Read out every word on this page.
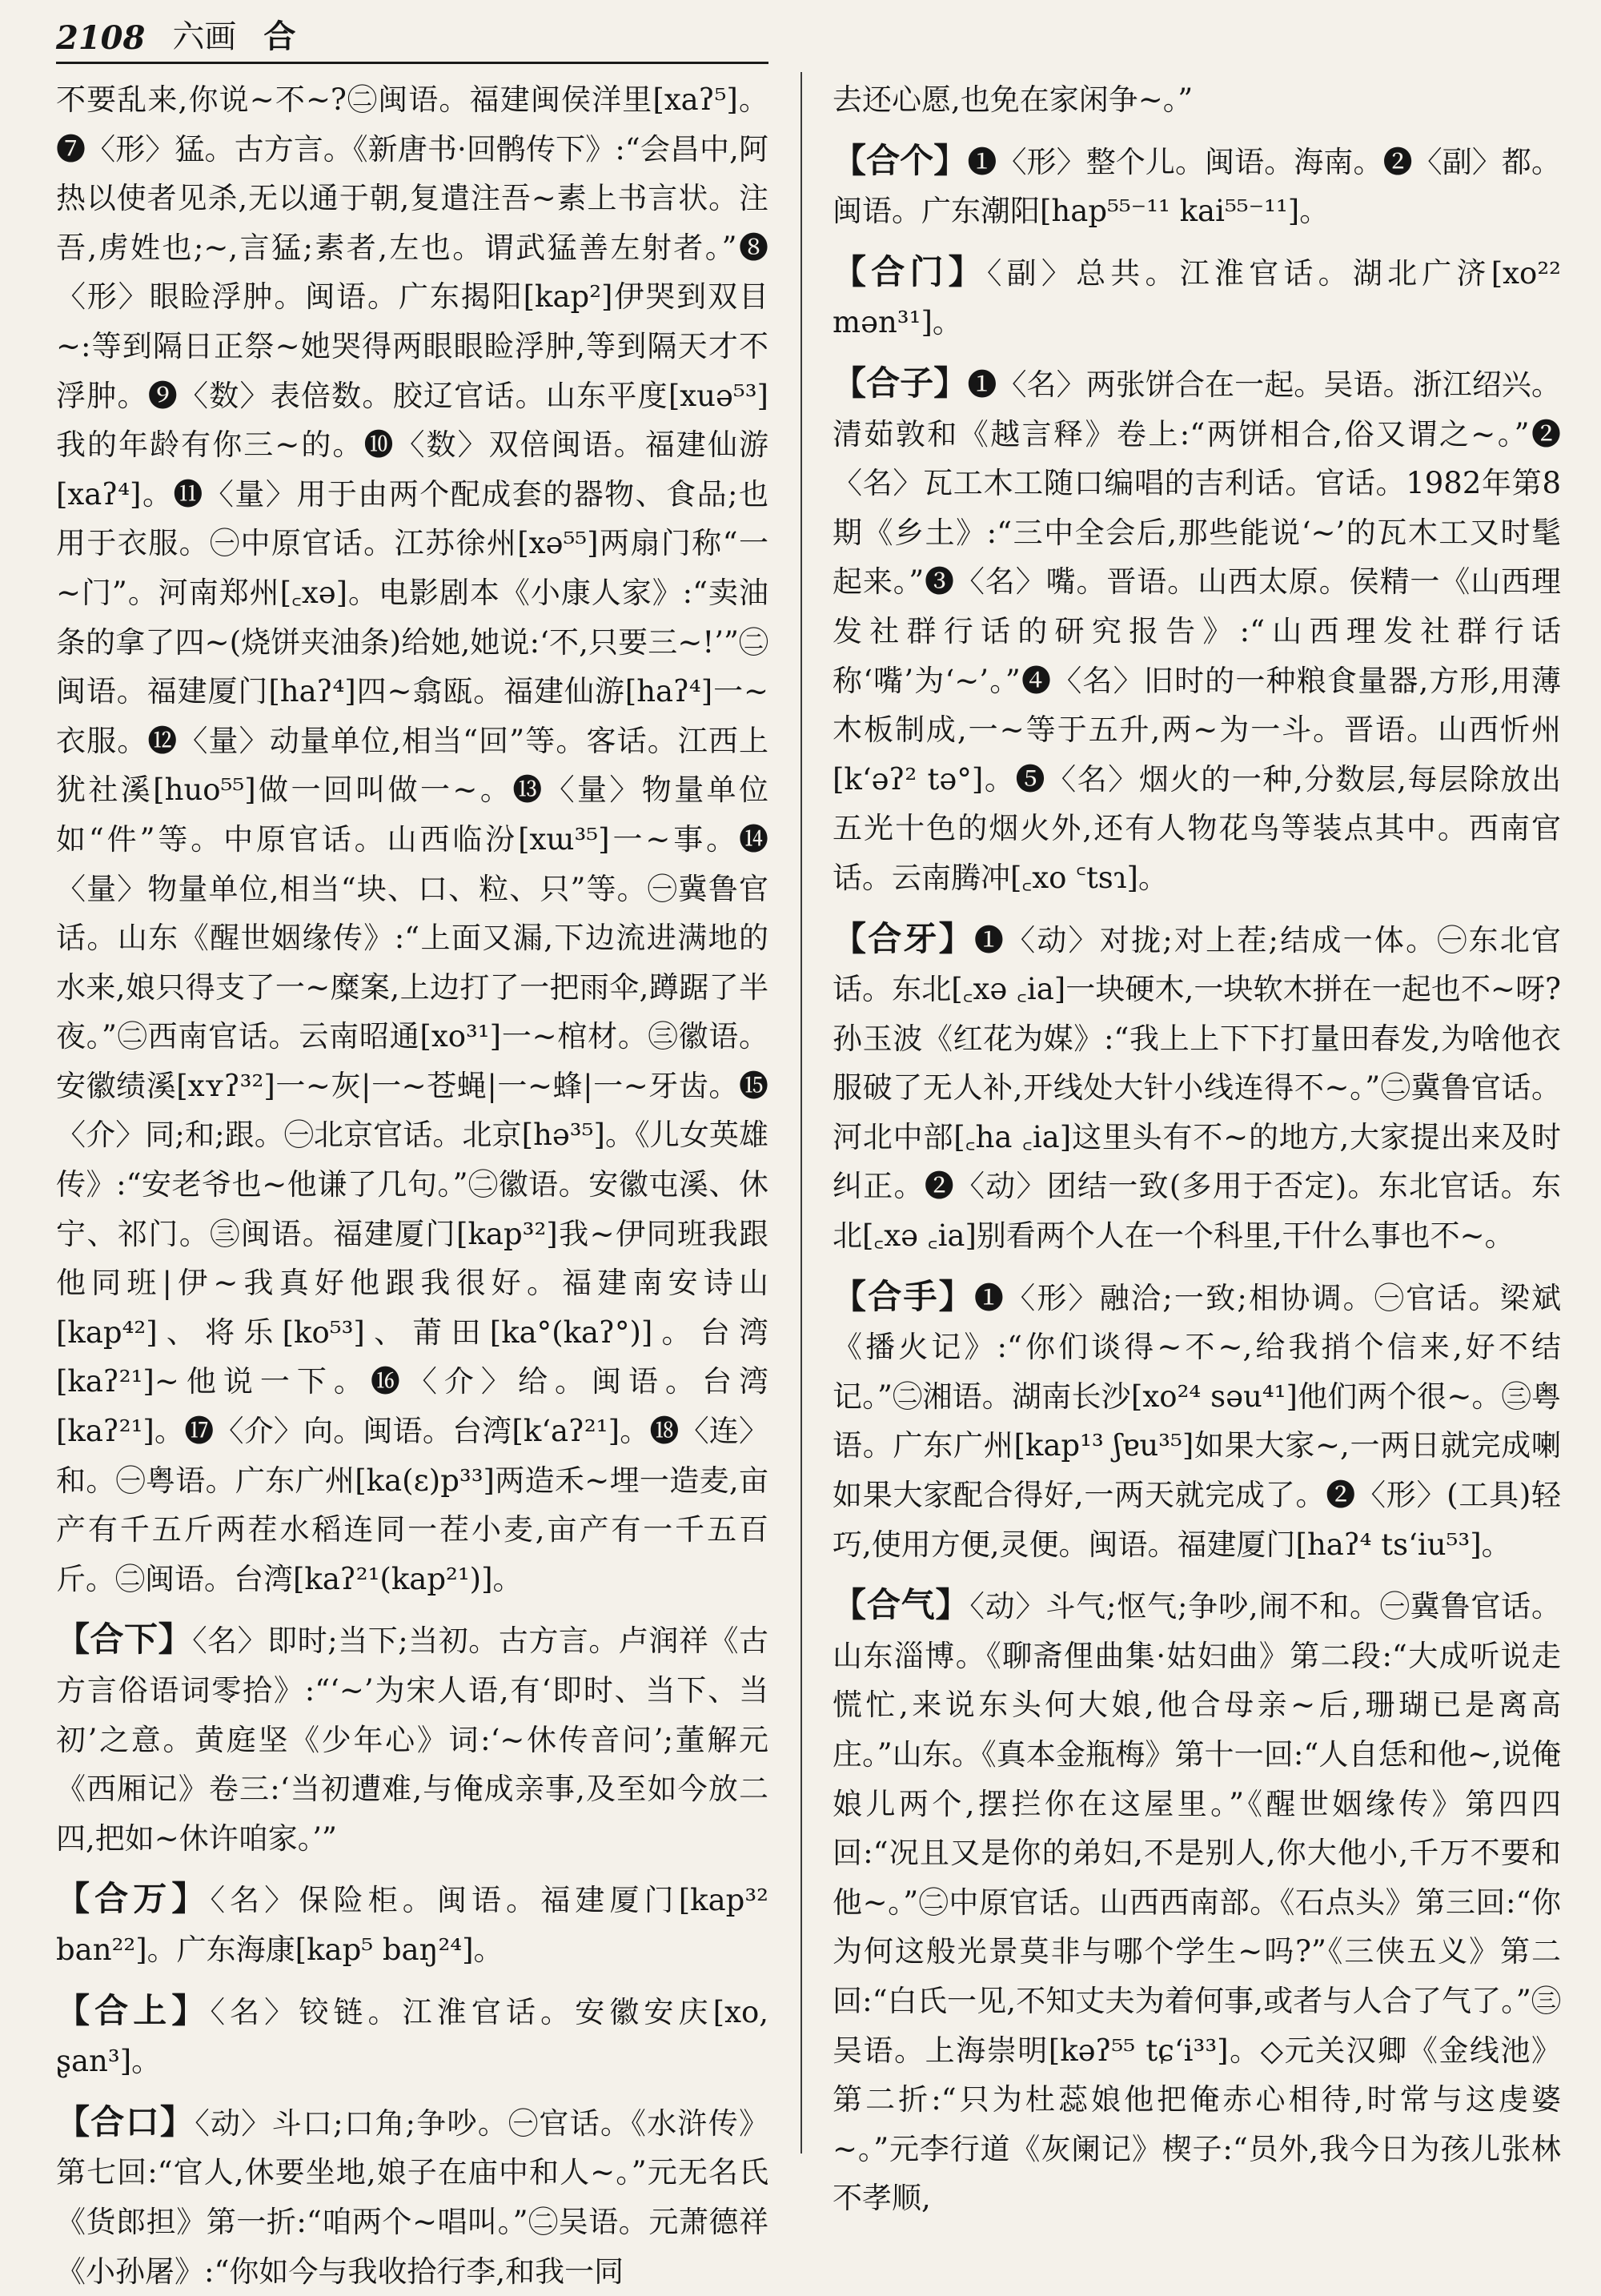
2108 六画 合

不要乱来,你说~不~?㊁闽语。福建闽侯洋里[xaʔ⁵]。❼〈形〉猛。古方言。《新唐书·回鹘传下》:“会昌中,阿热以使者见杀,无以通于朝,复遣注吾~素上书言状。注吾,虏姓也;~,言猛;素者,左也。谓武猛善左射者。”❽〈形〉眼睑浮肿。闽语。广东揭阳[kap²]伊哭到双目~:等到隔日正祭~她哭得两眼眼睑浮肿,等到隔天才不浮肿。❾〈数〉表倍数。胶辽官话。山东平度[xuə⁵³]我的年龄有你三~的。❿〈数〉双倍闽语。福建仙游[xaʔ⁴]。⓫〈量〉用于由两个配成套的器物、食品;也用于衣服。㊀中原官话。江苏徐州[xə⁵⁵]两扇门称“一~门”。河南郑州[꜀xə]。电影剧本《小康人家》:“卖油条的拿了四~(烧饼夹油条)给她,她说:‘不,只要三~!’”㊁闽语。福建厦门[haʔ⁴]四~翕瓯。福建仙游[haʔ⁴]一~衣服。⓬〈量〉动量单位,相当“回”等。客话。江西上犹社溪[huo⁵⁵]做一回叫做一~。⓭〈量〉物量单位如“件”等。中原官话。山西临汾[xɯ³⁵]一~事。⓮〈量〉物量单位,相当“块、口、粒、只”等。㊀冀鲁官话。山东《醒世姻缘传》:“上面又漏,下边流进满地的水来,娘只得支了一~糜案,上边打了一把雨伞,蹲踞了半夜。”㊁西南官话。云南昭通[xo³¹]一~棺材。㊂徽语。安徽绩溪[xʏʔ³²]一~灰|一~苍蝇|一~蜂|一~牙齿。⓯〈介〉同;和;跟。㊀北京官话。北京[hə³⁵]。《儿女英雄传》:“安老爷也~他谦了几句。”㊁徽语。安徽屯溪、休宁、祁门。㊂闽语。福建厦门[kap³²]我~伊同班我跟他同班|伊~我真好他跟我很好。福建南安诗山[kap⁴²]、将乐[ko⁵³]、莆田[ka°(kaʔ°)]。台湾[kaʔ²¹]~他说一下。⓰〈介〉给。闽语。台湾[kaʔ²¹]。⓱〈介〉向。闽语。台湾[kʻaʔ²¹]。⓲〈连〉和。㊀粤语。广东广州[ka(ɛ)p³³]两造禾~埋一造麦,亩产有千五斤两茬水稻连同一茬小麦,亩产有一千五百斤。㊁闽语。台湾[kaʔ²¹(kap²¹)]。

【合下】〈名〉即时;当下;当初。古方言。卢润祥《古方言俗语词零拾》:“‘~’为宋人语,有‘即时、当下、当初’之意。黄庭坚《少年心》词:‘~休传音问’;董解元《西厢记》卷三:‘当初遭难,与俺成亲事,及至如今放二四,把如~休许咱家。’”

【合万】〈名〉保险柜。闽语。福建厦门[kap³² ban²²]。广东海康[kap⁵ baŋ²⁴]。

【合上】〈名〉铰链。江淮官话。安徽安庆[xo, ʂan³]。

【合口】〈动〉斗口;口角;争吵。㊀官话。《水浒传》第七回:“官人,休要坐地,娘子在庙中和人~。”元无名氏《货郎担》第一折:“咱两个~唱叫。”㊁吴语。元萧德祥《小孙屠》:“你如今与我收拾行李,和我一同

去还心愿,也免在家闲争~。”

【合个】❶〈形〉整个儿。闽语。海南。❷〈副〉都。闽语。广东潮阳[hap⁵⁵⁻¹¹ kai⁵⁵⁻¹¹]。

【合门】〈副〉总共。江淮官话。湖北广济[xo²² mən³¹]。

【合子】❶〈名〉两张饼合在一起。吴语。浙江绍兴。清茹敦和《越言释》卷上:“两饼相合,俗又谓之~。”❷〈名〉瓦工木工随口编唱的吉利话。官话。1982年第8期《乡土》:“三中全会后,那些能说‘~’的瓦木工又时髦起来。”❸〈名〉嘴。晋语。山西太原。侯精一《山西理发社群行话的研究报告》:“山西理发社群行话称‘嘴’为‘~’。”❹〈名〉旧时的一种粮食量器,方形,用薄木板制成,一~等于五升,两~为一斗。晋语。山西忻州[kʻəʔ² tə°]。❺〈名〉烟火的一种,分数层,每层除放出五光十色的烟火外,还有人物花鸟等装点其中。西南官话。云南腾冲[꜀xo ꜂tsɿ]。

【合牙】❶〈动〉对拢;对上茬;结成一体。㊀东北官话。东北[꜀xə ꜀ia]一块硬木,一块软木拼在一起也不~呀?孙玉波《红花为媒》:“我上上下下打量田春发,为啥他衣服破了无人补,开线处大针小线连得不~。”㊁冀鲁官话。河北中部[꜀ha ꜀ia]这里头有不~的地方,大家提出来及时纠正。❷〈动〉团结一致(多用于否定)。东北官话。东北[꜀xə ꜀ia]别看两个人在一个科里,干什么事也不~。

【合手】❶〈形〉融洽;一致;相协调。㊀官话。梁斌《播火记》:“你们谈得~不~,给我捎个信来,好不结记。”㊁湘语。湖南长沙[xo²⁴ səu⁴¹]他们两个很~。㊂粤语。广东广州[kap¹³ ʃɐu³⁵]如果大家~,一两日就完成喇如果大家配合得好,一两天就完成了。❷〈形〉(工具)轻巧,使用方便,灵便。闽语。福建厦门[haʔ⁴ tsʻiu⁵³]。

【合气】〈动〉斗气;怄气;争吵,闹不和。㊀冀鲁官话。山东淄博。《聊斋俚曲集·姑妇曲》第二段:“大成听说走慌忙,来说东头何大娘,他合母亲~后,珊瑚已是离高庄。”山东。《真本金瓶梅》第十一回:“人自恁和他~,说俺娘儿两个,摆拦你在这屋里。”《醒世姻缘传》第四四回:“况且又是你的弟妇,不是别人,你大他小,千万不要和他~。”㊁中原官话。山西西南部。《石点头》第三回:“你为何这般光景莫非与哪个学生~吗?”《三侠五义》第二回:“白氏一见,不知丈夫为着何事,或者与人合了气了。”㊂吴语。上海崇明[kəʔ⁵⁵ tɕʻi³³]。◇元关汉卿《金线池》第二折:“只为杜蕊娘他把俺赤心相待,时常与这虔婆~。”元李行道《灰阑记》楔子:“员外,我今日为孩儿张林不孝顺,
